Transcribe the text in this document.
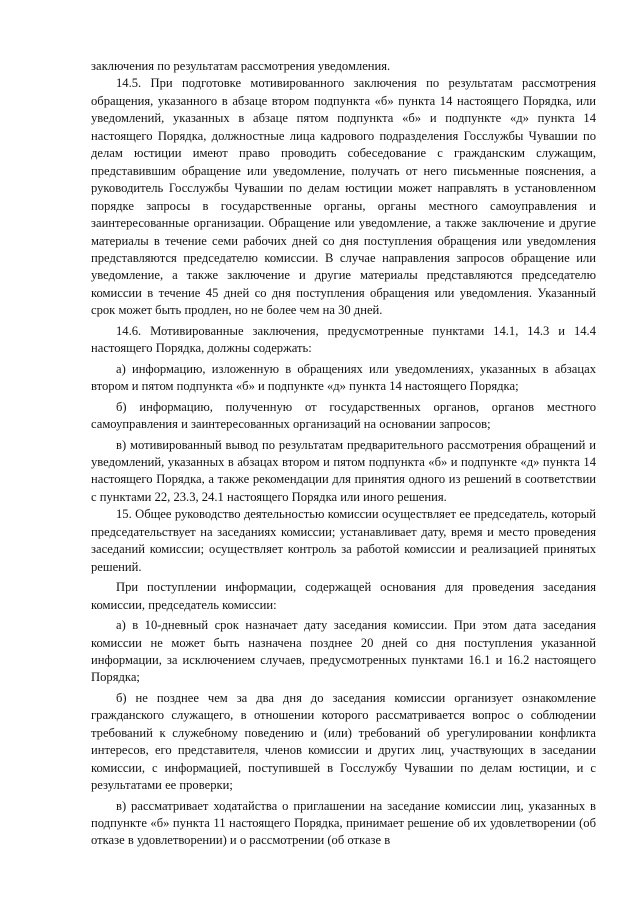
заключения по результатам рассмотрения уведомления.

14.5. При подготовке мотивированного заключения по результатам рассмотрения обращения, указанного в абзаце втором подпункта «б» пункта 14 настоящего Порядка, или уведомлений, указанных в абзаце пятом подпункта «б» и подпункте «д» пункта 14 настоящего Порядка, должностные лица кадрового подразделения Госслужбы Чувашии по делам юстиции имеют право проводить собеседование с гражданским служащим, представившим обращение или уведомление, получать от него письменные пояснения, а руководитель Госслужбы Чувашии по делам юстиции может направлять в установленном порядке запросы в государственные органы, органы местного самоуправления и заинтересованные организации. Обращение или уведомление, а также заключение и другие материалы в течение семи рабочих дней со дня поступления обращения или уведомления представляются председателю комиссии. В случае направления запросов обращение или уведомление, а также заключение и другие материалы представляются председателю комиссии в течение 45 дней со дня поступления обращения или уведомления. Указанный срок может быть продлен, но не более чем на 30 дней.

14.6. Мотивированные заключения, предусмотренные пунктами 14.1, 14.3 и 14.4 настоящего Порядка, должны содержать:

а) информацию, изложенную в обращениях или уведомлениях, указанных в абзацах втором и пятом подпункта «б» и подпункте «д» пункта 14 настоящего Порядка;

б) информацию, полученную от государственных органов, органов местного самоуправления и заинтересованных организаций на основании запросов;

в) мотивированный вывод по результатам предварительного рассмотрения обращений и уведомлений, указанных в абзацах втором и пятом подпункта «б» и подпункте «д» пункта 14 настоящего Порядка, а также рекомендации для принятия одного из решений в соответствии с пунктами 22, 23.3, 24.1 настоящего Порядка или иного решения.

15. Общее руководство деятельностью комиссии осуществляет ее председатель, который председательствует на заседаниях комиссии; устанавливает дату, время и место проведения заседаний комиссии; осуществляет контроль за работой комиссии и реализацией принятых решений.

При поступлении информации, содержащей основания для проведения заседания комиссии, председатель комиссии:

а) в 10-дневный срок назначает дату заседания комиссии. При этом дата заседания комиссии не может быть назначена позднее 20 дней со дня поступления указанной информации, за исключением случаев, предусмотренных пунктами 16.1 и 16.2 настоящего Порядка;

б) не позднее чем за два дня до заседания комиссии организует ознакомление гражданского служащего, в отношении которого рассматривается вопрос о соблюдении требований к служебному поведению и (или) требований об урегулировании конфликта интересов, его представителя, членов комиссии и других лиц, участвующих в заседании комиссии, с информацией, поступившей в Госслужбу Чувашии по делам юстиции, и с результатами ее проверки;

в) рассматривает ходатайства о приглашении на заседание комиссии лиц, указанных в подпункте «б» пункта 11 настоящего Порядка, принимает решение об их удовлетворении (об отказе в удовлетворении) и о рассмотрении (об отказе в
